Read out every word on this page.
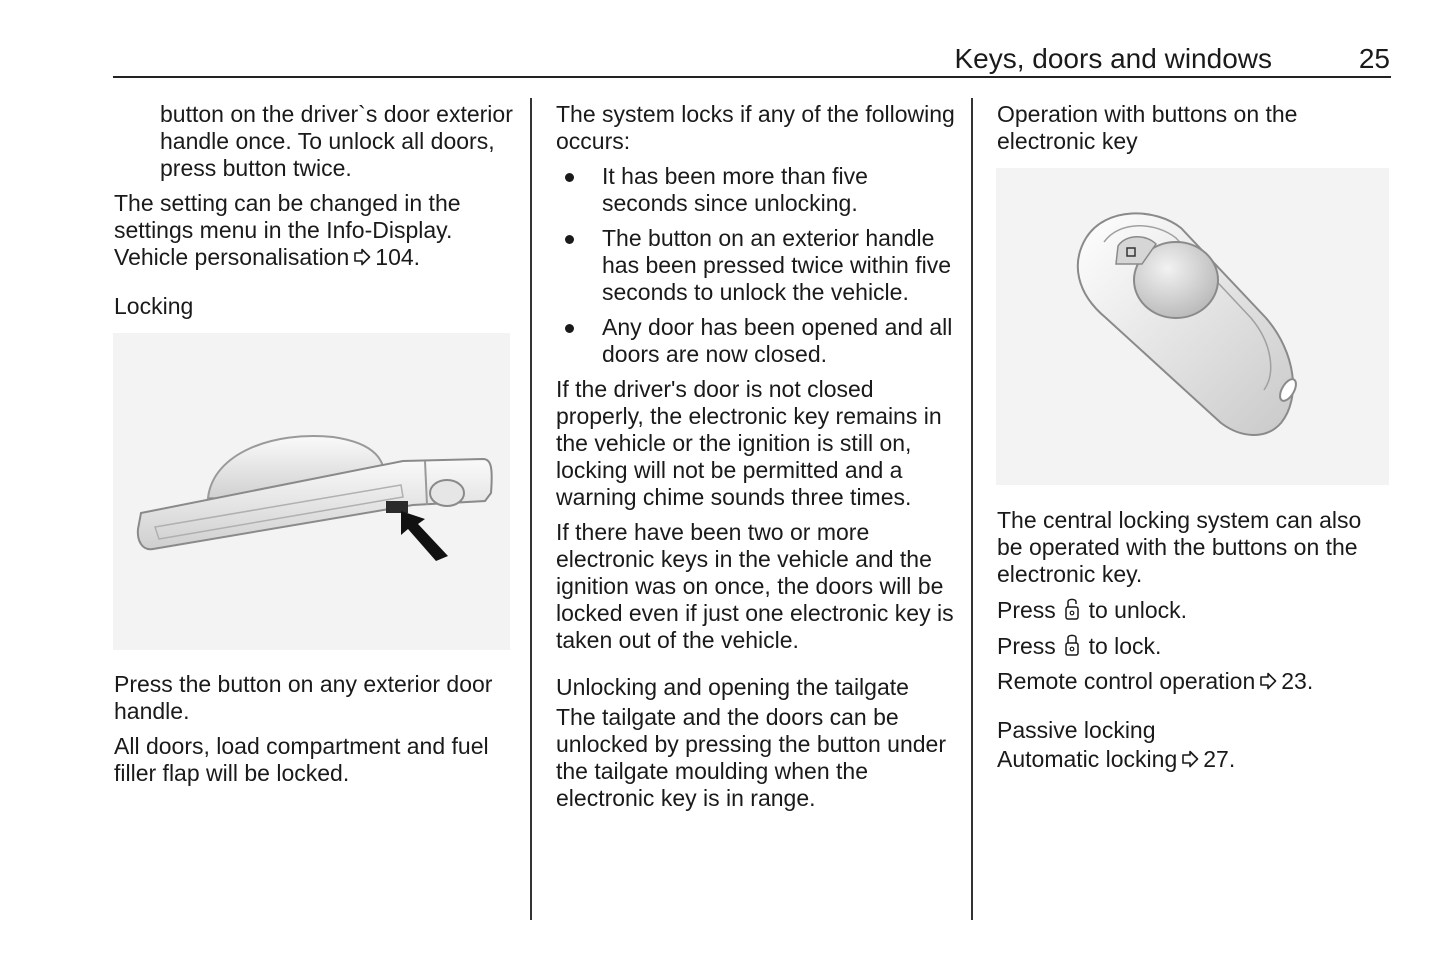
Keys, doors and windows	25

button on the driver`s door exterior handle once. To unlock all doors, press button twice.

The setting can be changed in the settings menu in the Info-Display. Vehicle personalisation 104.

Locking

Press the button on any exterior door handle.

All doors, load compartment and fuel filler flap will be locked.

The system locks if any of the following occurs:

It has been more than five seconds since unlocking.
The button on an exterior handle has been pressed twice within five seconds to unlock the vehicle.
Any door has been opened and all doors are now closed.

If the driver's door is not closed properly, the electronic key remains in the vehicle or the ignition is still on, locking will not be permitted and a warning chime sounds three times.

If there have been two or more electronic keys in the vehicle and the ignition was on once, the doors will be locked even if just one electronic key is taken out of the vehicle.

Unlocking and opening the tailgate

The tailgate and the doors can be unlocked by pressing the button under the tailgate moulding when the electronic key is in range.

Operation with buttons on the electronic key

The central locking system can also be operated with the buttons on the electronic key.

Press to unlock.

Press to lock.

Remote control operation 23.

Passive locking

Automatic locking 27.
